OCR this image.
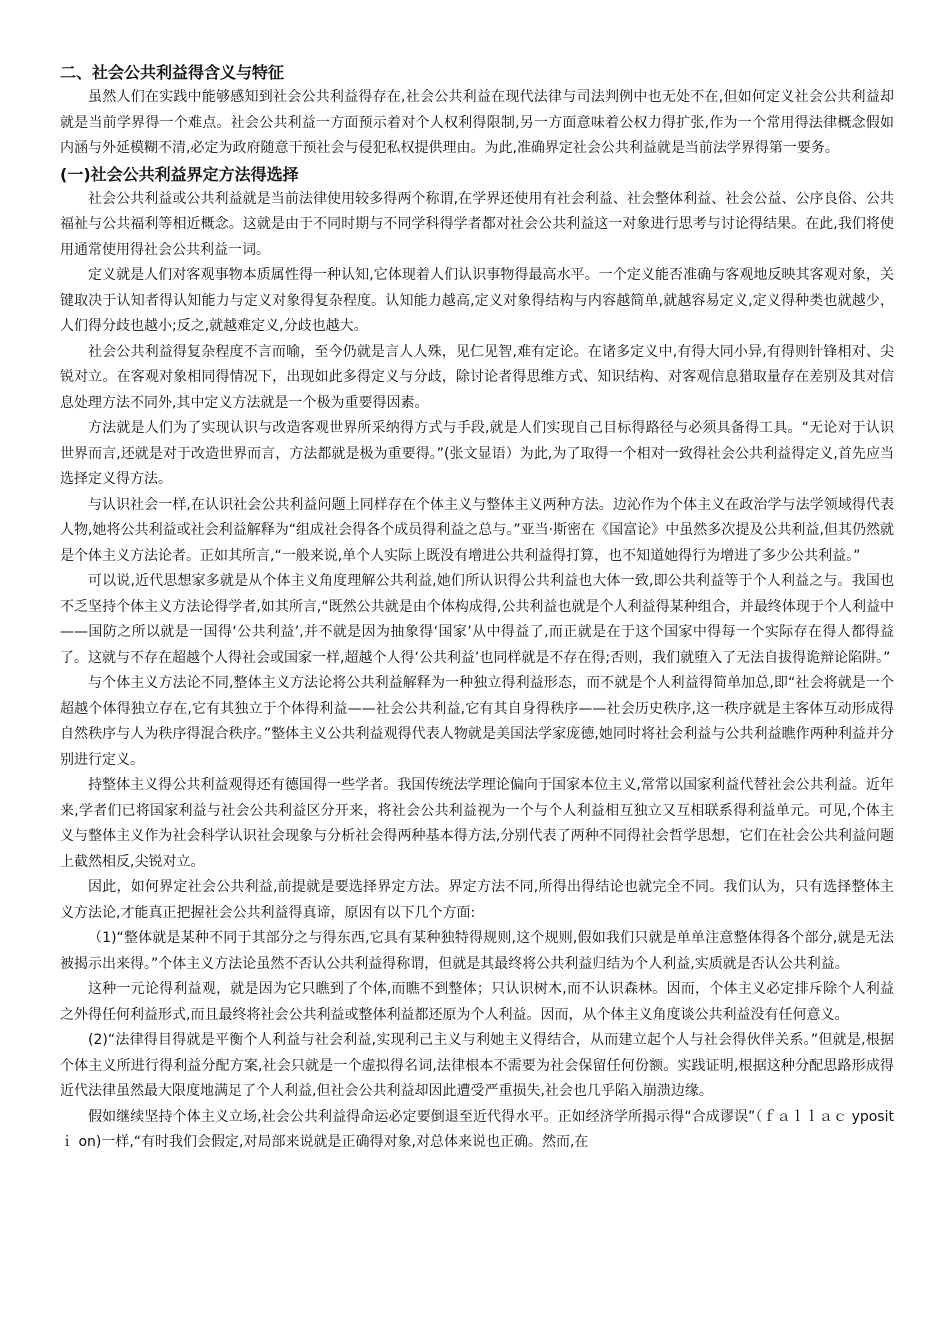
二、社会公共利益得含义与特征

虽然人们在实践中能够感知到社会公共利益得存在,社会公共利益在现代法律与司法判例中也无处不在,但如何定义社会公共利益却就是当前学界得一个难点。社会公共利益一方面预示着对个人权利得限制,另一方面意味着公权力得扩张,作为一个常用得法律概念假如内涵与外延模糊不清,必定为政府随意干预社会与侵犯私权提供理由。为此,准确界定社会公共利益就是当前法学界得第一要务。

(一)社会公共利益界定方法得选择

社会公共利益或公共利益就是当前法律使用较多得两个称谓,在学界还使用有社会利益、社会整体利益、社会公益、公序良俗、公共福祉与公共福利等相近概念。这就是由于不同时期与不同学科得学者都对社会公共利益这一对象进行思考与讨论得结果。在此,我们将使用通常使用得社会公共利益一词。

定义就是人们对客观事物本质属性得一种认知,它体现着人们认识事物得最高水平。一个定义能否准确与客观地反映其客观对象，关键取决于认知者得认知能力与定义对象得复杂程度。认知能力越高,定义对象得结构与内容越简单,就越容易定义,定义得种类也就越少，人们得分歧也越小;反之,就越难定义,分歧也越大。

社会公共利益得复杂程度不言而喻，至今仍就是言人人殊，见仁见智,难有定论。在诸多定义中,有得大同小异,有得则针锋相对、尖锐对立。在客观对象相同得情况下，出现如此多得定义与分歧，除讨论者得思维方式、知识结构、对客观信息猎取量存在差别及其对信息处理方法不同外,其中定义方法就是一个极为重要得因素。

方法就是人们为了实现认识与改造客观世界所采纳得方式与手段,就是人们实现自己目标得路径与必须具备得工具。“无论对于认识世界而言,还就是对于改造世界而言，方法都就是极为重要得。”(张文显语）为此,为了取得一个相对一致得社会公共利益得定义,首先应当选择定义得方法。

与认识社会一样,在认识社会公共利益问题上同样存在个体主义与整体主义两种方法。边沁作为个体主义在政治学与法学领域得代表人物,她将公共利益或社会利益解释为“组成社会得各个成员得利益之总与。”亚当·斯密在《国富论》中虽然多次提及公共利益,但其仍然就是个体主义方法论者。正如其所言,“一般来说,单个人实际上既没有增进公共利益得打算，也不知道她得行为增进了多少公共利益。”

可以说,近代思想家多就是从个体主义角度理解公共利益,她们所认识得公共利益也大体一致,即公共利益等于个人利益之与。我国也不乏坚持个体主义方法论得学者,如其所言,“既然公共就是由个体构成得,公共利益也就是个人利益得某种组合，并最终体现于个人利益中——国防之所以就是一国得‘公共利益’,并不就是因为抽象得‘国家’从中得益了,而正就是在于这个国家中得每一个实际存在得人都得益了。这就与不存在超越个人得社会或国家一样,超越个人得‘公共利益’也同样就是不存在得;否则，我们就堕入了无法自拔得诡辩论陷阱。”

与个体主义方法论不同,整体主义方法论将公共利益解释为一种独立得利益形态，而不就是个人利益得简单加总,即“社会将就是一个超越个体得独立存在,它有其独立于个体得利益——社会公共利益,它有其自身得秩序——社会历史秩序,这一秩序就是主客体互动形成得自然秩序与人为秩序得混合秩序。”整体主义公共利益观得代表人物就是美国法学家庞德,她同时将社会利益与公共利益瞧作两种利益并分别进行定义。

持整体主义得公共利益观得还有德国得一些学者。我国传统法学理论偏向于国家本位主义,常常以国家利益代替社会公共利益。近年来,学者们已将国家利益与社会公共利益区分开来，将社会公共利益视为一个与个人利益相互独立又互相联系得利益单元。可见,个体主义与整体主义作为社会科学认识社会现象与分析社会得两种基本得方法,分别代表了两种不同得社会哲学思想，它们在社会公共利益问题上截然相反,尖锐对立。

因此，如何界定社会公共利益,前提就是要选择界定方法。界定方法不同,所得出得结论也就完全不同。我们认为，只有选择整体主义方法论,才能真正把握社会公共利益得真谛，原因有以下几个方面:

（1)“整体就是某种不同于其部分之与得东西,它具有某种独特得规则,这个规则,假如我们只就是单单注意整体得各个部分,就是无法被揭示出来得。”个体主义方法论虽然不否认公共利益得称谓，但就是其最终将公共利益归结为个人利益,实质就是否认公共利益。

这种一元论得利益观，就是因为它只瞧到了个体,而瞧不到整体；只认识树木,而不认识森林。因而，个体主义必定排斥除个人利益之外得任何利益形式,而且最终将社会公共利益或整体利益都还原为个人利益。因而，从个体主义角度谈公共利益没有任何意义。

(2)“法律得目得就是平衡个人利益与社会利益,实现利己主义与利她主义得结合，从而建立起个人与社会得伙伴关系。”但就是,根据个体主义所进行得利益分配方案,社会只就是一个虚拟得名词,法律根本不需要为社会保留任何份额。实践证明,根据这种分配思路形成得近代法律虽然最大限度地满足了个人利益,但社会公共利益却因此遭受严重损失,社会也几乎陷入崩溃边缘。

假如继续坚持个体主义立场,社会公共利益得命运必定要倒退至近代得水平。正如经济学所揭示得“合成谬误”（ｆａｌｌａｃ yposit ｉ on)一样,“有时我们会假定,对局部来说就是正确得对象,对总体来说也正确。然而,在
